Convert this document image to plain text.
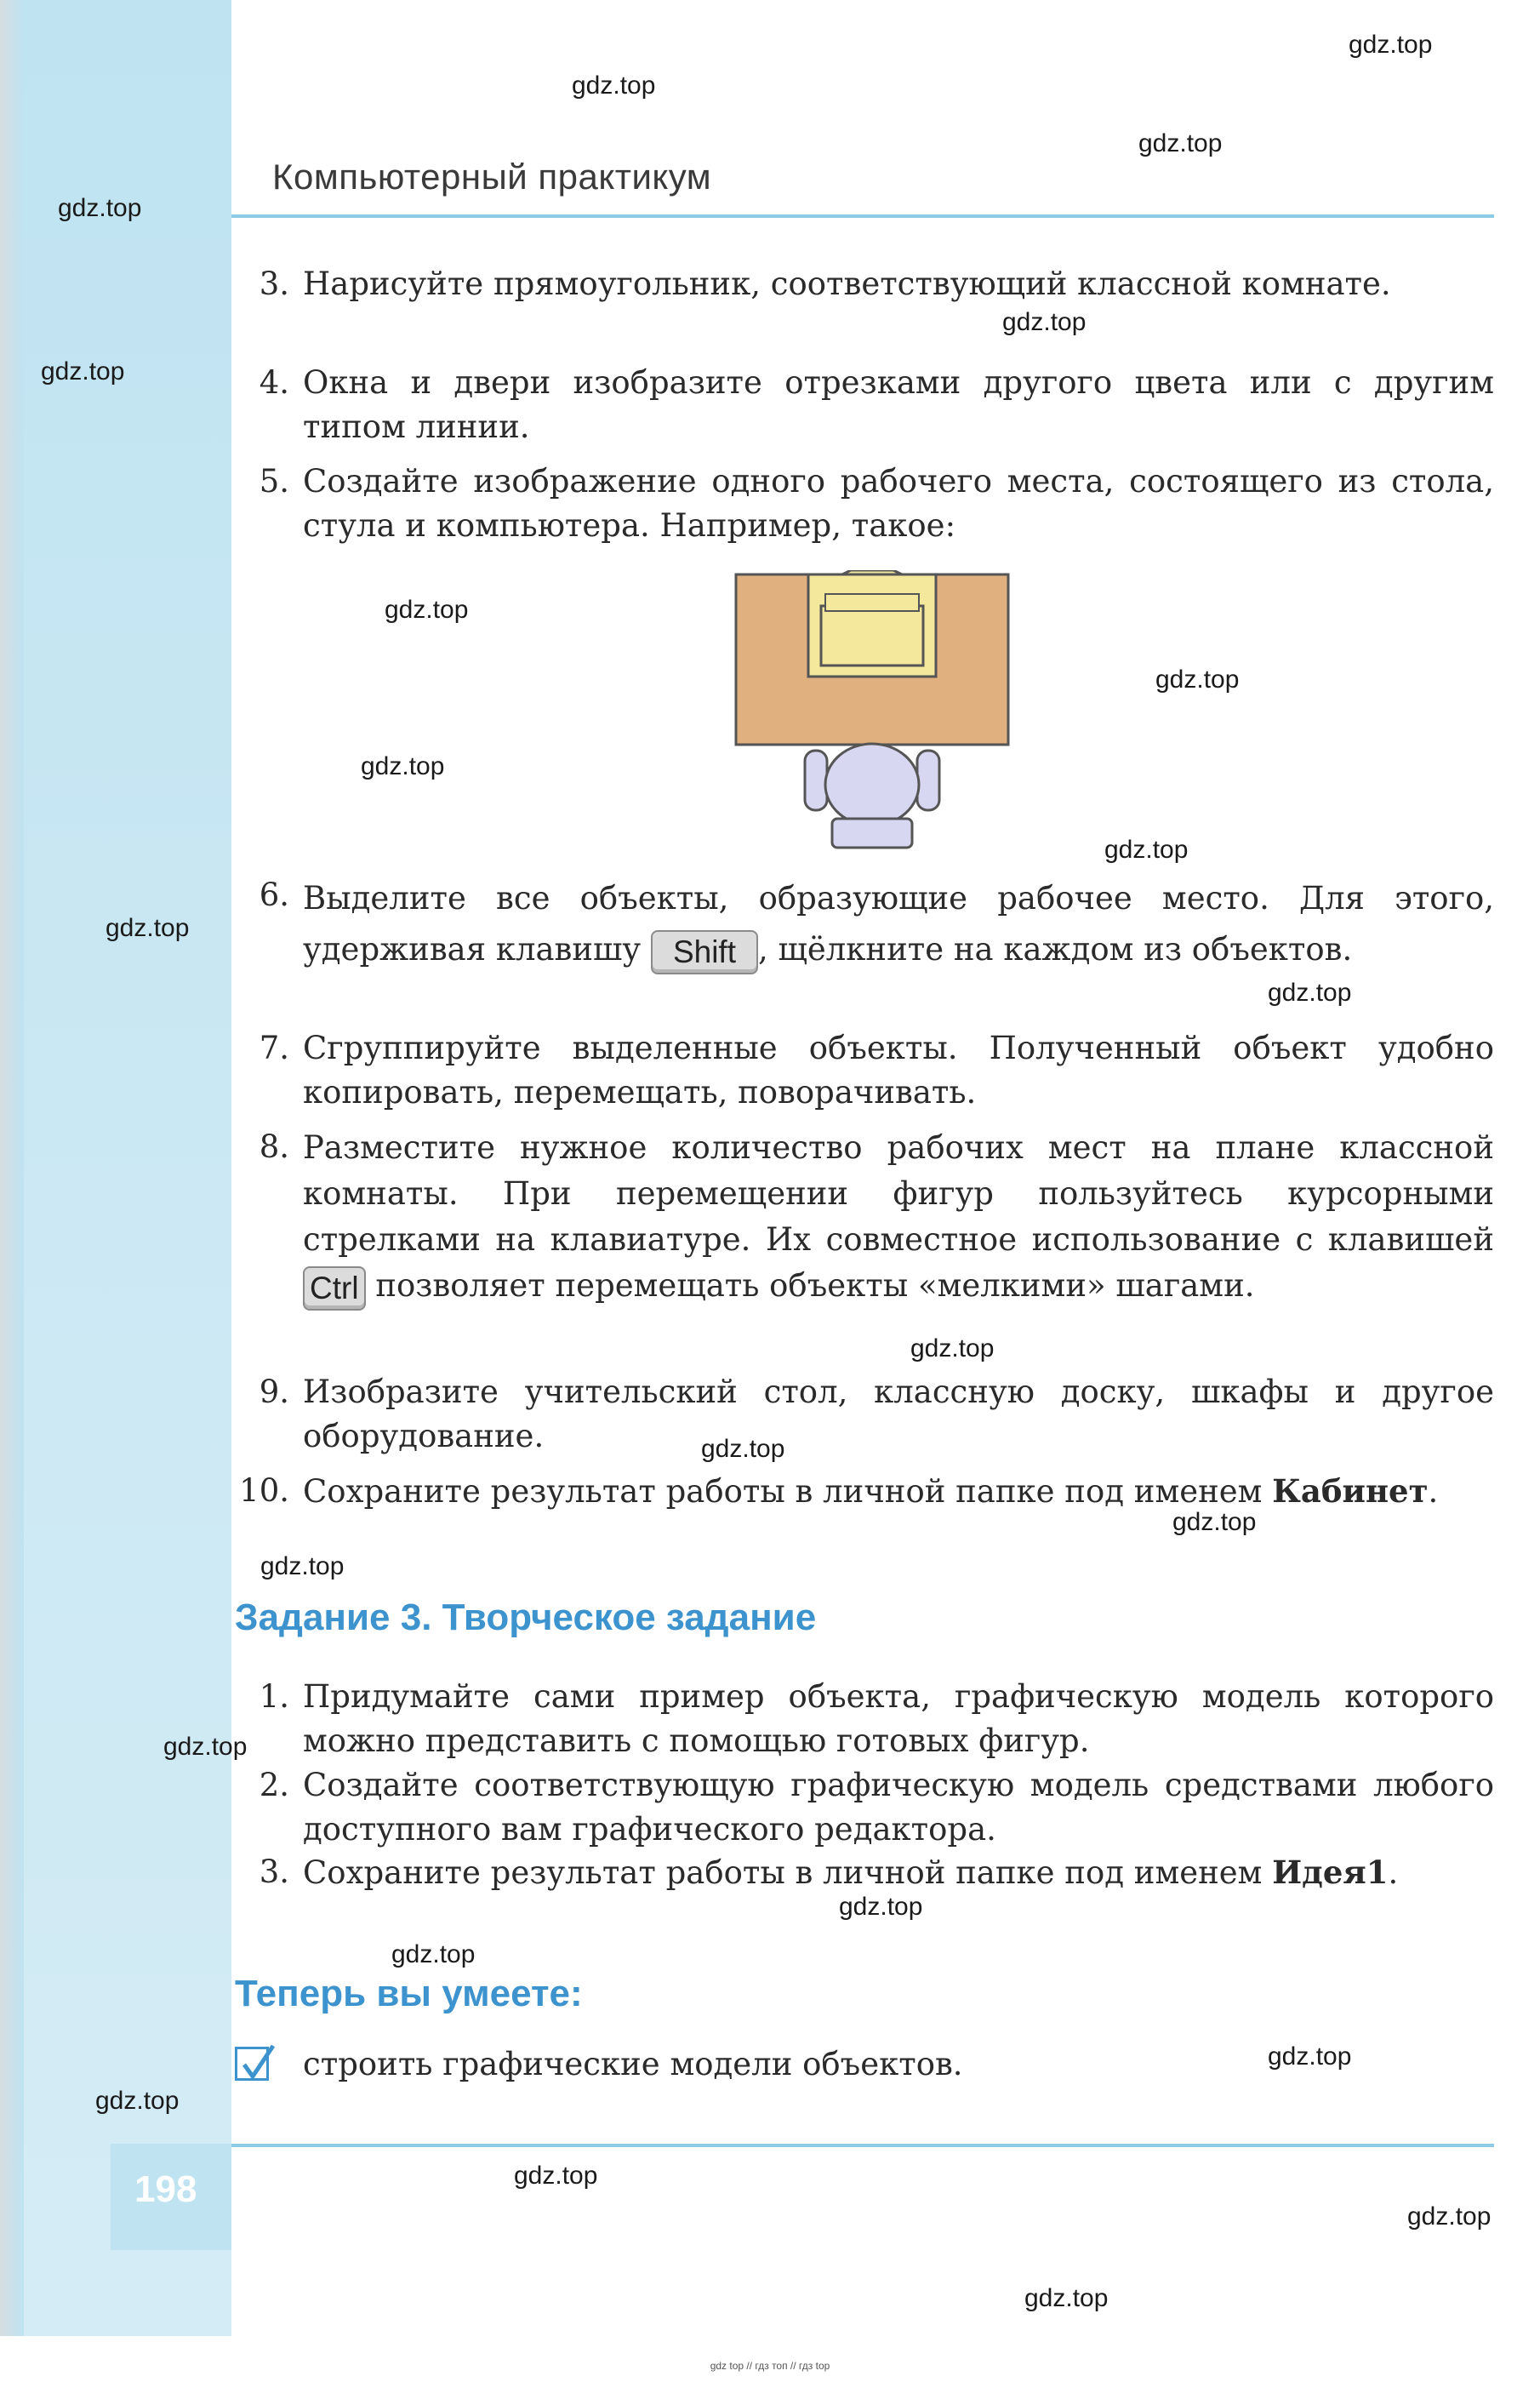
Компьютерный практикум
3. Нарисуйте прямоугольник, соответствующий классной комнате.
4. Окна и двери изобразите отрезками другого цвета или с другим типом линии.
5. Создайте изображение одного рабочего места, состоящего из стола, стула и компьютера. Например, такое:
6. Выделите все объекты, образующие рабочее место. Для этого, удерживая клавишу Shift , щёлкните на каждом из объектов.
7. Сгруппируйте выделенные объекты. Полученный объект удобно копировать, перемещать, поворачивать.
8. Разместите нужное количество рабочих мест на плане классной комнаты. При перемещении фигур пользуйтесь курсорными стрелками на клавиатуре. Их совместное использование с клавишей Ctrl позволяет перемещать объекты «мелкими» шагами.
9. Изобразите учительский стол, классную доску, шкафы и другое оборудование.
10. Сохраните результат работы в личной папке под именем Кабинет.
Задание 3. Творческое задание
1. Придумайте сами пример объекта, графическую модель которого можно представить с помощью готовых фигур.
2. Создайте соответствующую графическую модель средствами любого доступного вам графического редактора.
3. Сохраните результат работы в личной папке под именем Идея1.
Теперь вы умеете:
строить графические модели объектов.
198
gdz.top
gdz.top
gdz.top
gdz.top
gdz.top
gdz.top
gdz.top
gdz.top
gdz.top
gdz.top
gdz.top
gdz.top
gdz.top
gdz.top
gdz.top
gdz.top
gdz.top
gdz.top
gdz.top
gdz.top
gdz.top
gdz.top
gdz.top
gdz.top
gdz top // гдз топ // гдз top
